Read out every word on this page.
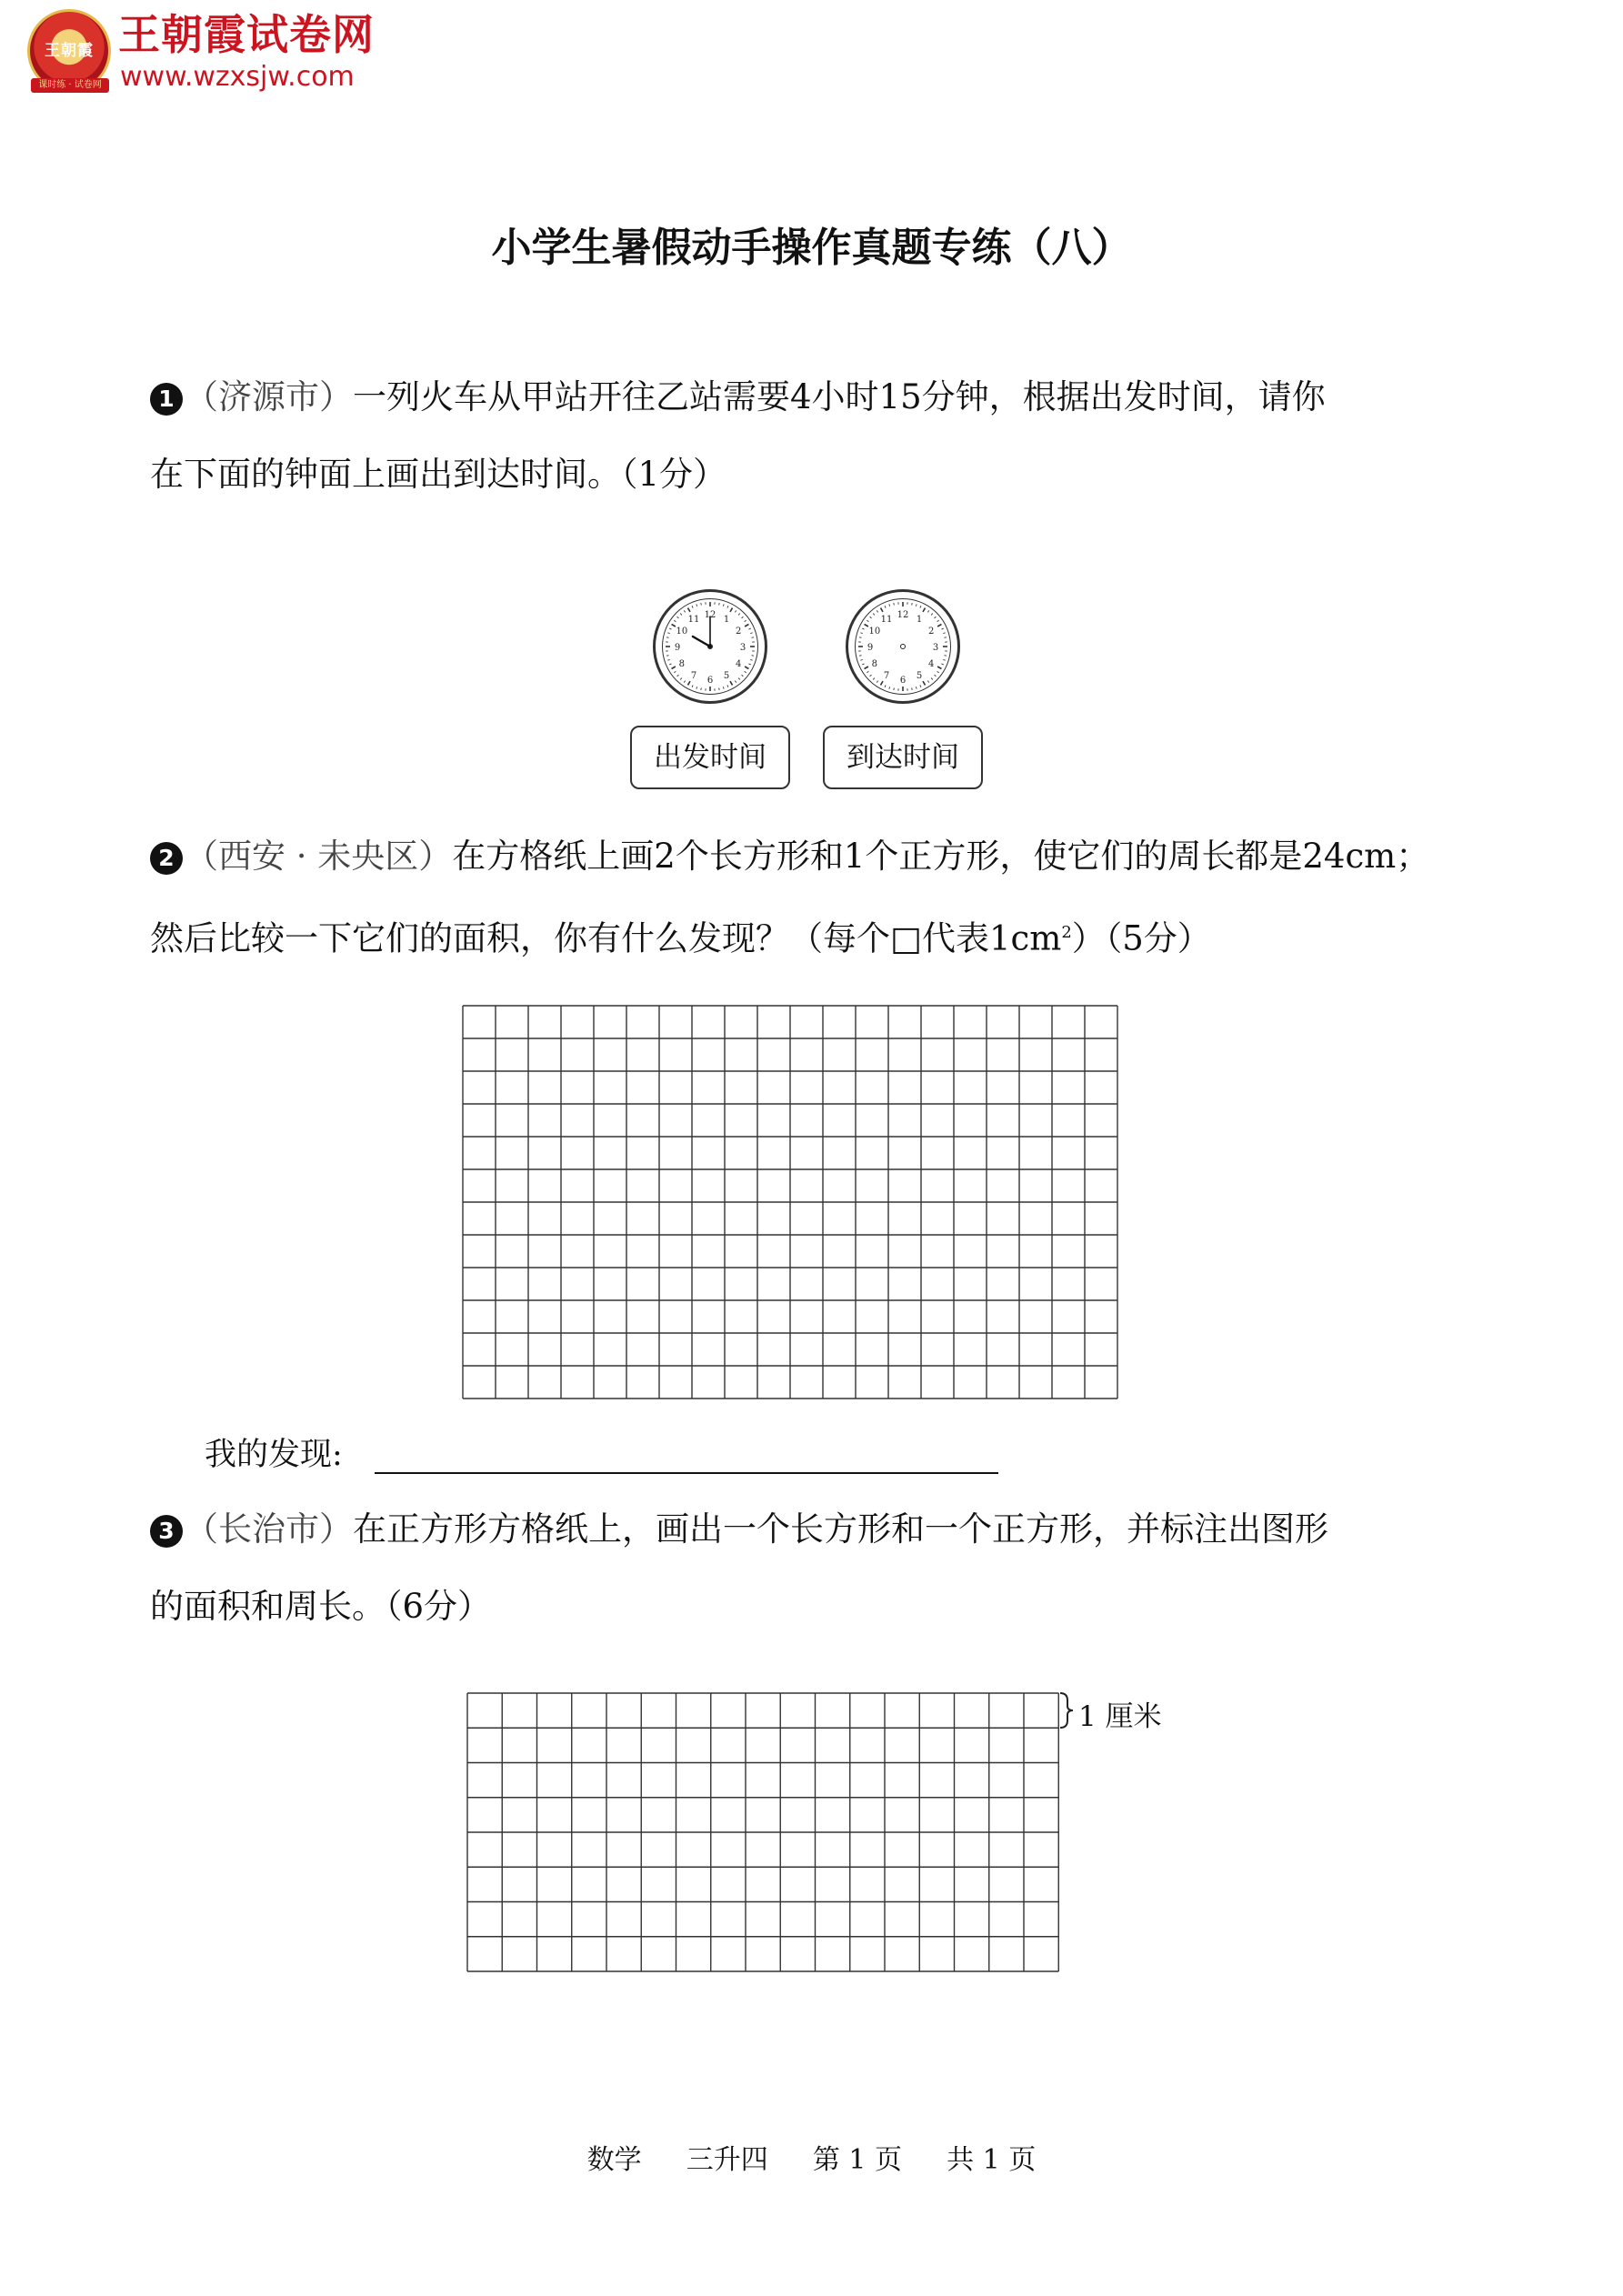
王朝霞
课时练 · 试卷网
王朝霞试卷网
www.wzxsjw.com
小学生暑假动手操作真题专练（八）
1 （济源市）一列火车从甲站开往乙站需要4小时15分钟，根据出发时间，请你
在下面的钟面上画出到达时间。（1分）
12 1
2
3
4
5
6
7
8
9
10
11	12 1
2
3
4
5
6
7
8
9
10
11
出发时间	到达时间
2 （西安 · 未央区）在方格纸上画2个长方形和1个正方形，使它们的周长都是24cm；
然后比较一下它们的面积，你有什么发现？（每个□代表$1cm^2)(5$分）
我的发现:
3 （长治市）在正方形方格纸上，画出一个长方形和一个正方形，并标注出图形
的面积和周长。（6分）
1 厘米
数学 三升四 第 1 页 共 1 页
